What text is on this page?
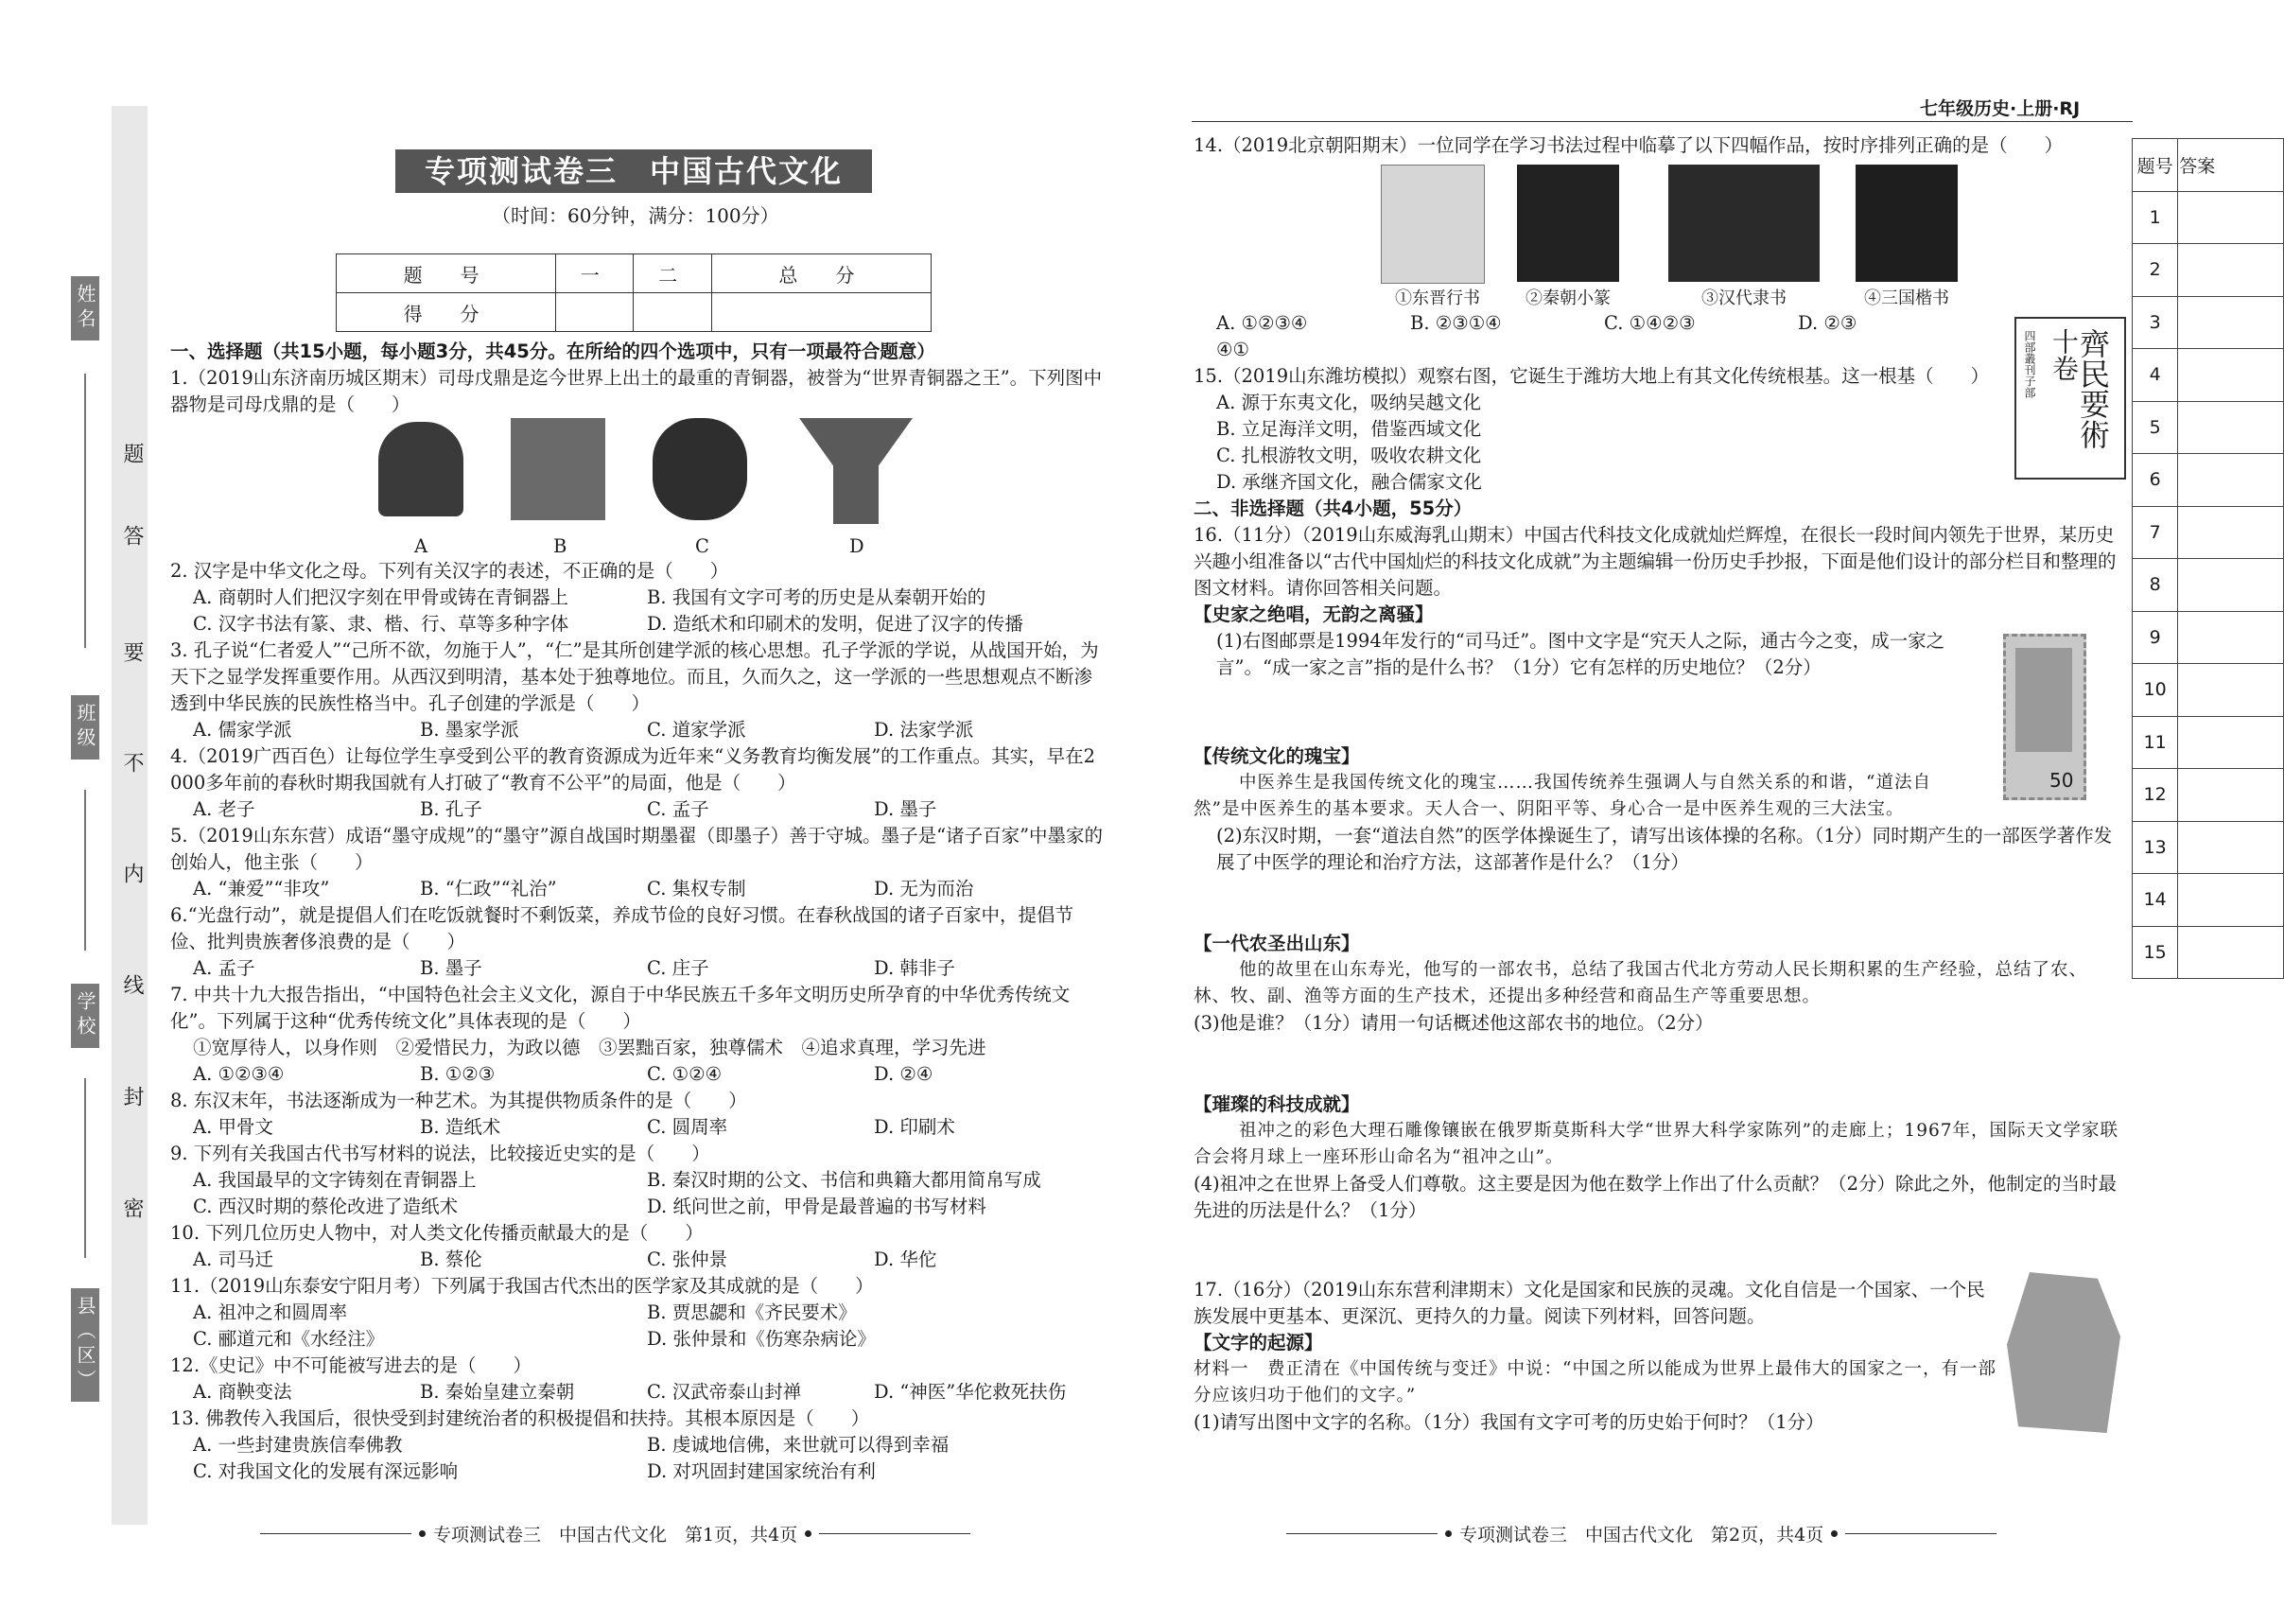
姓名
班级
学校
县（区）
题
答
要
不
内
线
封
密
专项测试卷三　中国古代文化
（时间：60分钟，满分：100分）
题　号	一	二	总　分
得　分			

一、选择题（共15小题，每小题3分，共45分。在所给的四个选项中，只有一项最符合题意）

1.（2019山东济南历城区期末）司母戊鼎是迄今世界上出土的最重的青铜器，被誉为“世界青铜器之王”。下列图中器物是司母戊鼎的是（　　）

A	B	C	D

2. 汉字是中华文化之母。下列有关汉字的表述，不正确的是（　　）

A. 商朝时人们把汉字刻在甲骨或铸在青铜器上	B. 我国有文字可考的历史是从秦朝开始的
C. 汉字书法有篆、隶、楷、行、草等多种字体	D. 造纸术和印刷术的发明，促进了汉字的传播

3. 孔子说“仁者爱人”“己所不欲，勿施于人”，“仁”是其所创建学派的核心思想。孔子学派的学说，从战国开始，为天下之显学发挥重要作用。从西汉到明清，基本处于独尊地位。而且，久而久之，这一学派的一些思想观点不断渗透到中华民族的民族性格当中。孔子创建的学派是（　　）

A. 儒家学派	B. 墨家学派	C. 道家学派	D. 法家学派

4.（2019广西百色）让每位学生享受到公平的教育资源成为近年来“义务教育均衡发展”的工作重点。其实，早在2 000多年前的春秋时期我国就有人打破了“教育不公平”的局面，他是（　　）

A. 老子	B. 孔子	C. 孟子	D. 墨子

5.（2019山东东营）成语“墨守成规”的“墨守”源自战国时期墨翟（即墨子）善于守城。墨子是“诸子百家”中墨家的创始人，他主张（　　）

A. “兼爱”“非攻”	B. “仁政”“礼治”	C. 集权专制	D. 无为而治

6.“光盘行动”，就是提倡人们在吃饭就餐时不剩饭菜，养成节俭的良好习惯。在春秋战国的诸子百家中，提倡节俭、批判贵族奢侈浪费的是（　　）

A. 孟子	B. 墨子	C. 庄子	D. 韩非子

7. 中共十九大报告指出，“中国特色社会主义文化，源自于中华民族五千多年文明历史所孕育的中华优秀传统文化”。下列属于这种“优秀传统文化”具体表现的是（　　）

①宽厚待人，以身作则　②爱惜民力，为政以德　③罢黜百家，独尊儒术　④追求真理，学习先进

A. ①②③④	B. ①②③	C. ①②④	D. ②④

8. 东汉末年，书法逐渐成为一种艺术。为其提供物质条件的是（　　）

A. 甲骨文	B. 造纸术	C. 圆周率	D. 印刷术

9. 下列有关我国古代书写材料的说法，比较接近史实的是（　　）

A. 我国最早的文字铸刻在青铜器上	B. 秦汉时期的公文、书信和典籍大都用简帛写成
C. 西汉时期的蔡伦改进了造纸术	D. 纸问世之前，甲骨是最普遍的书写材料

10. 下列几位历史人物中，对人类文化传播贡献最大的是（　　）

A. 司马迁	B. 蔡伦	C. 张仲景	D. 华佗

11.（2019山东泰安宁阳月考）下列属于我国古代杰出的医学家及其成就的是（　　）

A. 祖冲之和圆周率	B. 贾思勰和《齐民要术》
C. 郦道元和《水经注》	D. 张仲景和《伤寒杂病论》

12.《史记》中不可能被写进去的是（　　）

A. 商鞅变法	B. 秦始皇建立秦朝	C. 汉武帝泰山封禅	D. “神医”华佗救死扶伤

13. 佛教传入我国后，很快受到封建统治者的积极提倡和扶持。其根本原因是（　　）

A. 一些封建贵族信奉佛教	B. 虔诚地信佛，来世就可以得到幸福
C. 对我国文化的发展有深远影响	D. 对巩固封建国家统治有利
专项测试卷三　中国古代文化　第1页，共4页
七年级历史·上册·RJ

14.（2019北京朝阳期末）一位同学在学习书法过程中临摹了以下四幅作品，按时序排列正确的是（　　）

①东晋行书	②秦朝小篆	③汉代隶书	④三国楷书
A. ①②③④	B. ②③①④	C. ①④②③	D. ②③

④①

15.（2019山东潍坊模拟）观察右图，它诞生于潍坊大地上有其文化传统根基。这一根基（　　）

A. 源于东夷文化，吸纳吴越文化

B. 立足海洋文明，借鉴西域文化

C. 扎根游牧文明，吸收农耕文化

D. 承继齐国文化，融合儒家文化

齊民要術
十卷
四部叢刊子部

二、非选择题（共4小题，55分）

16.（11分）（2019山东威海乳山期末）中国古代科技文化成就灿烂辉煌，在很长一段时间内领先于世界，某历史兴趣小组准备以“古代中国灿烂的科技文化成就”为主题编辑一份历史手抄报，下面是他们设计的部分栏目和整理的图文材料。请你回答相关问题。

【史家之绝唱，无韵之离骚】

(1)右图邮票是1994年发行的“司马迁”。图中文字是“究天人之际，通古今之变，成一家之言”。“成一家之言”指的是什么书？（1分）它有怎样的历史地位？（2分）

【传统文化的瑰宝】

中医养生是我国传统文化的瑰宝……我国传统养生强调人与自然关系的和谐，“道法自然”是中医养生的基本要求。天人合一、阴阳平等、身心合一是中医养生观的三大法宝。

(2)东汉时期，一套“道法自然”的医学体操诞生了，请写出该体操的名称。（1分）同时期产生的一部医学著作发展了中医学的理论和治疗方法，这部著作是什么？（1分）

【一代农圣出山东】

他的故里在山东寿光，他写的一部农书，总结了我国古代北方劳动人民长期积累的生产经验，总结了农、林、牧、副、渔等方面的生产技术，还提出多种经营和商品生产等重要思想。

(3)他是谁？（1分）请用一句话概述他这部农书的地位。（2分）

【璀璨的科技成就】

祖冲之的彩色大理石雕像镶嵌在俄罗斯莫斯科大学“世界大科学家陈列”的走廊上；1967年，国际天文学家联合会将月球上一座环形山命名为“祖冲之山”。

(4)祖冲之在世界上备受人们尊敬。这主要是因为他在数学上作出了什么贡献？（2分）除此之外，他制定的当时最先进的历法是什么？（1分）

17.（16分）（2019山东东营利津期末）文化是国家和民族的灵魂。文化自信是一个国家、一个民族发展中更基本、更深沉、更持久的力量。阅读下列材料，回答问题。

【文字的起源】

材料一　费正清在《中国传统与变迁》中说：“中国之所以能成为世界上最伟大的国家之一，有一部分应该归功于他们的文字。”

(1)请写出图中文字的名称。（1分）我国有文字可考的历史始于何时？（1分）

50
专项测试卷三　中国古代文化　第2页，共4页
题号	答案
1	
2	
3	
4	
5	
6	
7	
8	
9	
10	
11	
12	
13	
14	
15	
